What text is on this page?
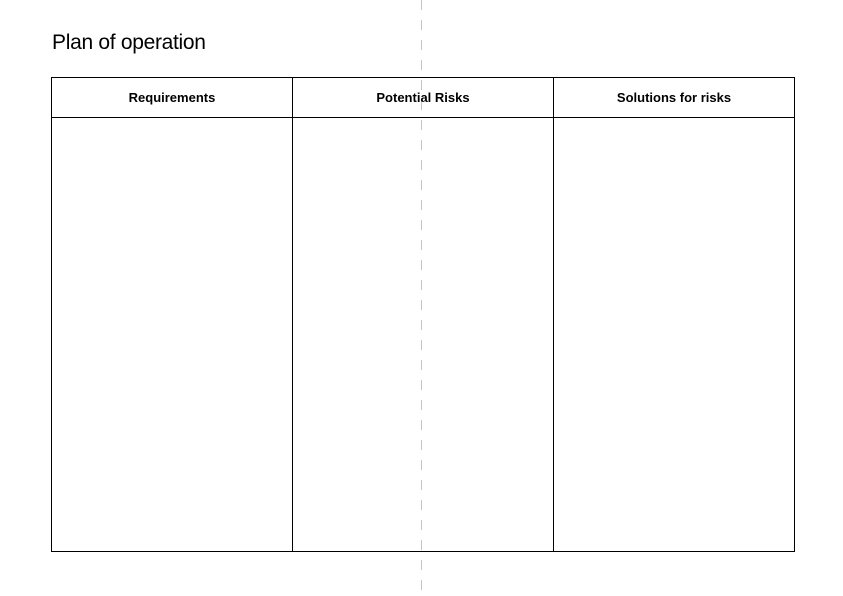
Plan of operation
Requirements	Potential Risks	Solutions for risks
